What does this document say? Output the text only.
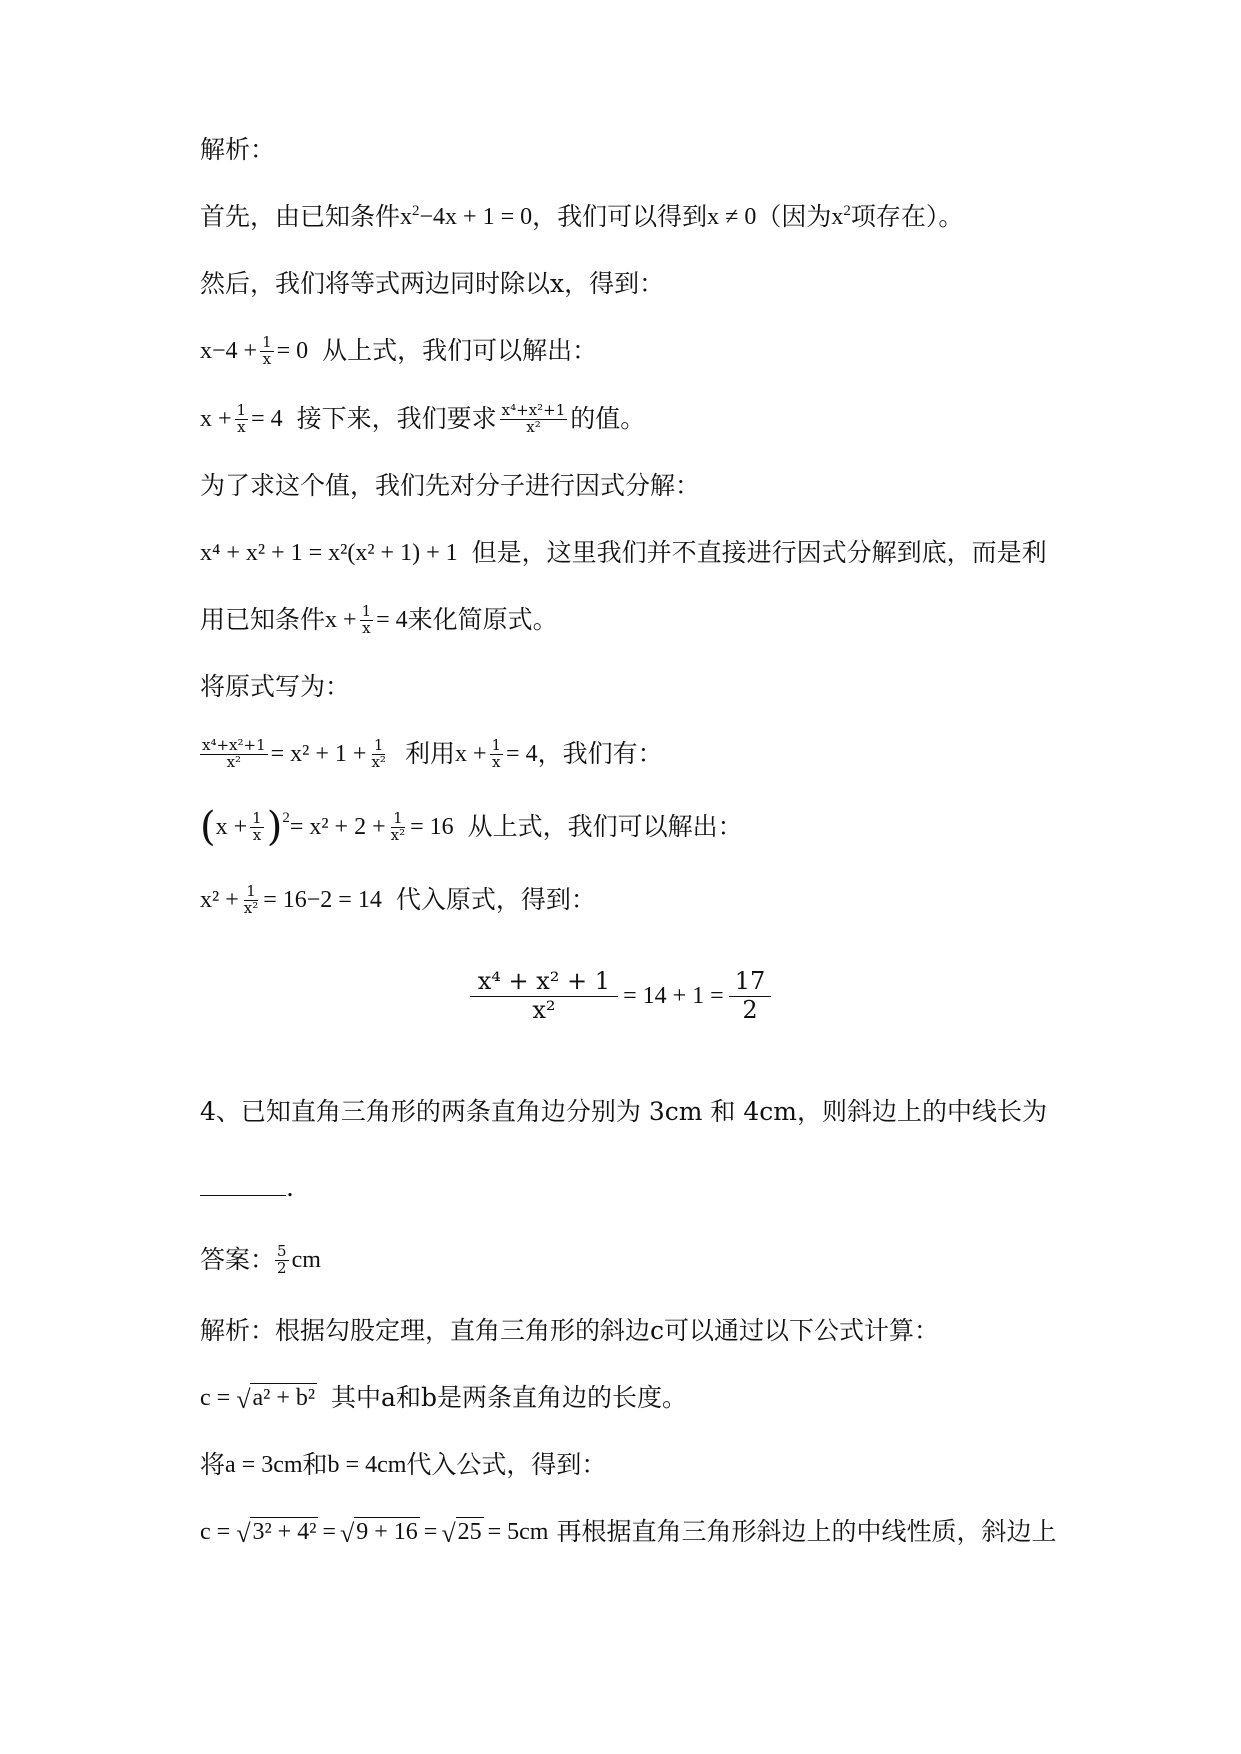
解析：
首先，由已知条件 $x^2-4x + 1 = 0$ ，我们可以得到 x ≠ 0 （因为 $x^2$ 项存在）。
然后，我们将等式两边同时除以x，得到：
$x-4 + \frac{1}{x} = 0$ 从上式，我们可以解出：
$x + \frac{1}{x} = 4$ 接下来，我们要求 $\frac{\text{x⁴+x²+1}}{\text{x²}}$ 的值。
为了求这个值，我们先对分子进行因式分解：
x⁴ + x² + 1 = x²(x² + 1) + 1 但是，这里我们并不直接进行因式分解到底，而是利
用已知条件 $x + \frac{1}{x} = 4$ 来化简原式。
将原式写为：
$\frac{\text{x⁴+x²+1}}{\text{x²}} = x^2 + 1 + \frac{1}{\text{x²}}$ 利用 $x + \frac{1}{x} = 4$ ，我们有：
( $x + \frac{1}{x}$ ) $2 = x^2 + 2 + \frac{1}{\text{x²}} = 16$ 从上式，我们可以解出：
$x^2 + \frac{1}{\text{x²}} = 16-2 = 14$ 代入原式，得到：
$\frac{\text{x⁴ + x² + 1}}{\text{x²}} = 14 + 1 = \frac{17}{2}$
4、已知直角三角形的两条直角边分别为 3cm 和 4cm，则斜边上的中线长为
.
答案： $\frac{5}{2}$ cm
解析：根据勾股定理，直角三角形的斜边c可以通过以下公式计算：
c = √ a² + b² 其中a和b是两条直角边的长度。
将 a = 3cm 和 b = 4cm 代入公式，得到：
c = √ 3² + 4² = √ 9 + 16 = √ 25 = 5cm 再根据直角三角形斜边上的中线性质，斜边上
